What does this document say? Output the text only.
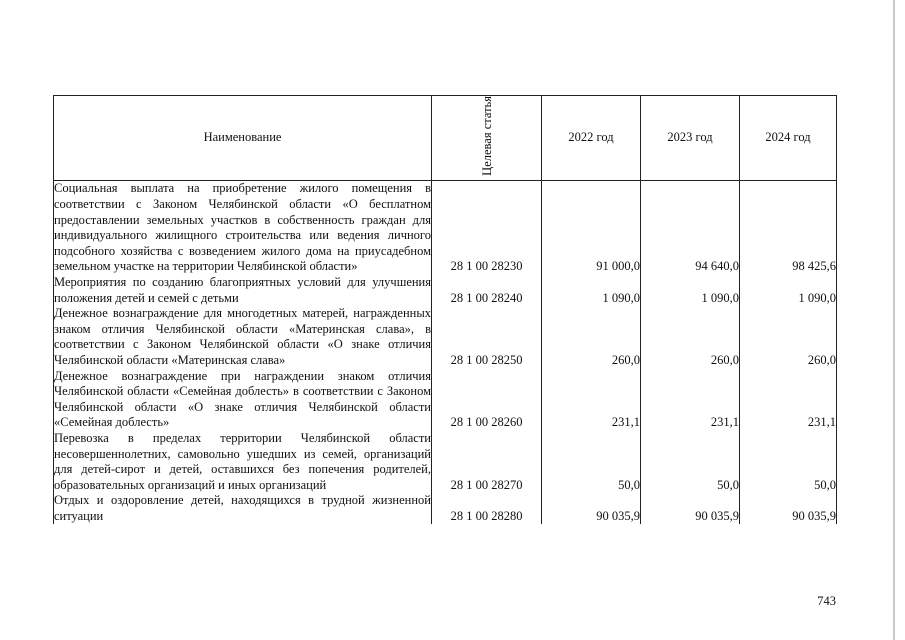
Наименование	Целевая статья	2022 год	2023 год	2024 год
Социальная выплата на приобретение жилого помещения в соответствии с Законом Челябинской области «О бесплатном предоставлении земельных участков в собственность граждан для индивидуального жилищного строительства или ведения личного подсобного хозяйства с возведением жилого дома на приусадебном земельном участке на территории Челябинской области»	28 1 00 28230	91 000,0	94 640,0	98 425,6
Мероприятия по созданию благоприятных условий для улучшения положения детей и семей с детьми	28 1 00 28240	1 090,0	1 090,0	1 090,0
Денежное вознаграждение для многодетных матерей, награжденных знаком отличия Челябинской области «Материнская слава», в соответствии с Законом Челябинской области «О знаке отличия Челябинской области «Материнская слава»	28 1 00 28250	260,0	260,0	260,0
Денежное вознаграждение при награждении знаком отличия Челябинской области «Семейная доблесть» в соответствии с Законом Челябинской области «О знаке отличия Челябинской области «Семейная доблесть»	28 1 00 28260	231,1	231,1	231,1
Перевозка в пределах территории Челябинской области несовершеннолетних, самовольно ушедших из семей, организаций для детей-сирот и детей, оставшихся без попечения родителей, образовательных организаций и иных организаций	28 1 00 28270	50,0	50,0	50,0
Отдых и оздоровление детей, находящихся в трудной жизненной ситуации	28 1 00 28280	90 035,9	90 035,9	90 035,9
743
